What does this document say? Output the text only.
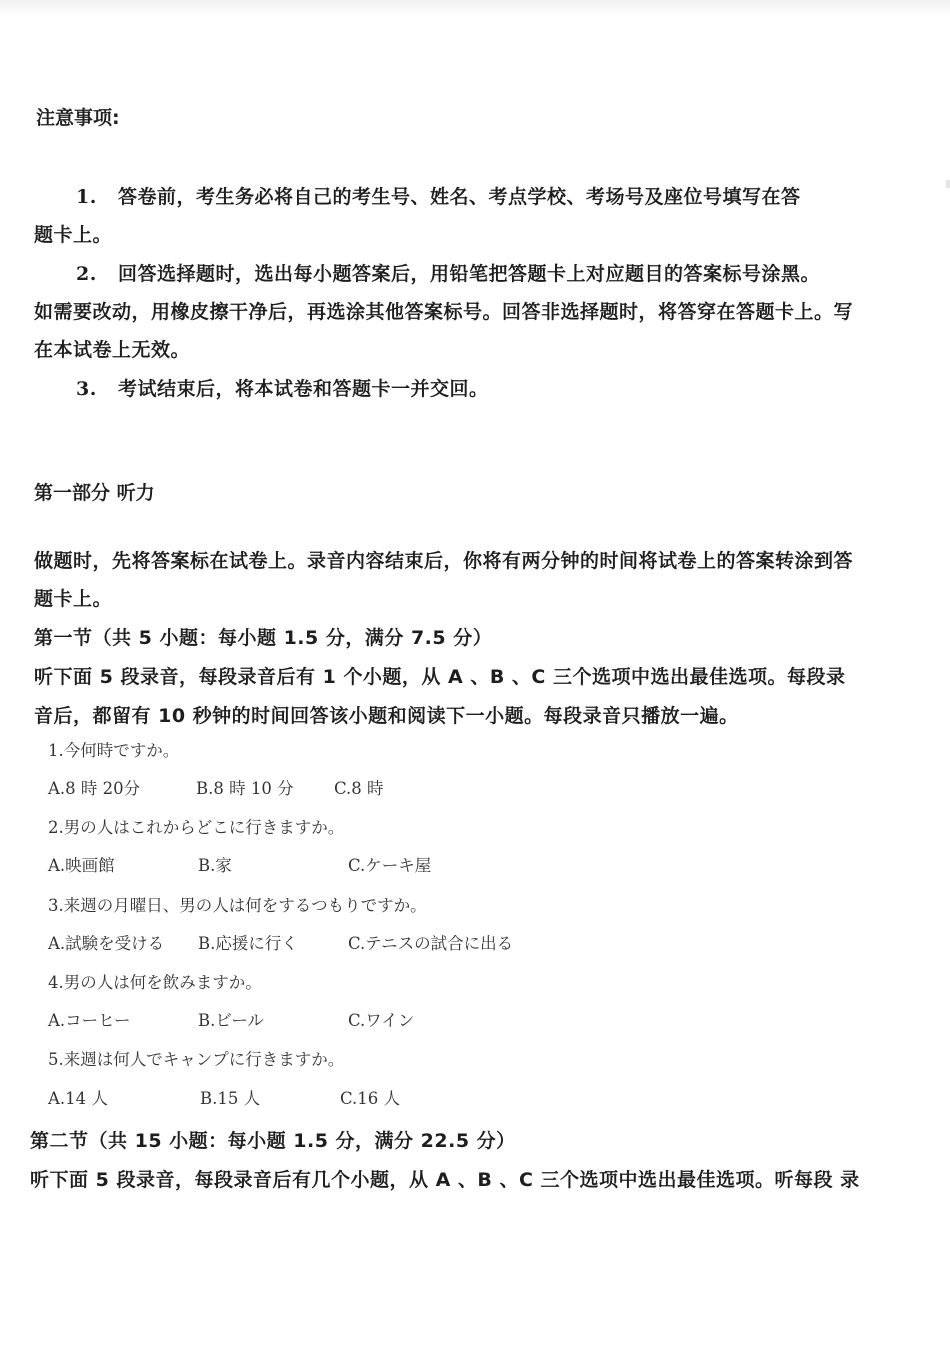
注意事项:
1. 答卷前，考生务必将自己的考生号、姓名、考点学校、考场号及座位号填写在答
题卡上。
2. 回答选择题时，选出每小题答案后，用铅笔把答题卡上对应题目的答案标号涂黑。
如需要改动，用橡皮擦干净后，再选涂其他答案标号。回答非选择题时，将答穿在答题卡上。写
在本试卷上无效。
3. 考试结束后，将本试卷和答题卡一并交回。
第一部分 听力
做题时，先将答案标在试卷上。录音内容结束后，你将有两分钟的时间将试卷上的答案转涂到答
题卡上。
第一节（共 5 小题：每小题 1.5 分，满分 7.5 分）
听下面 5 段录音，每段录音后有 1 个小题，从 A 、B 、C 三个选项中选出最佳选项。每段录
音后，都留有 10 秒钟的时间回答该小题和阅读下一小题。每段录音只播放一遍。
1.今何時ですか。
A.8 時 20分	B.8 時 10 分 C.8 時
2.男の人はこれからどこに行きますか。
A.映画館	B.家	C.ケーキ屋
3.来週の月曜日、男の人は何をするつもりですか。
A.試験を受ける B.応援に行く	C.テニスの試合に出る
4.男の人は何を飲みますか。
A.コーヒー	B.ビール	C.ワイン
5.来週は何人でキャンプに行きますか。
A.14 人	B.15 人	C.16 人
第二节（共 15 小题：每小题 1.5 分，满分 22.5 分）
听下面 5 段录音，每段录音后有几个小题，从 A 、B 、C 三个选项中选出最佳选项。听每段 录
